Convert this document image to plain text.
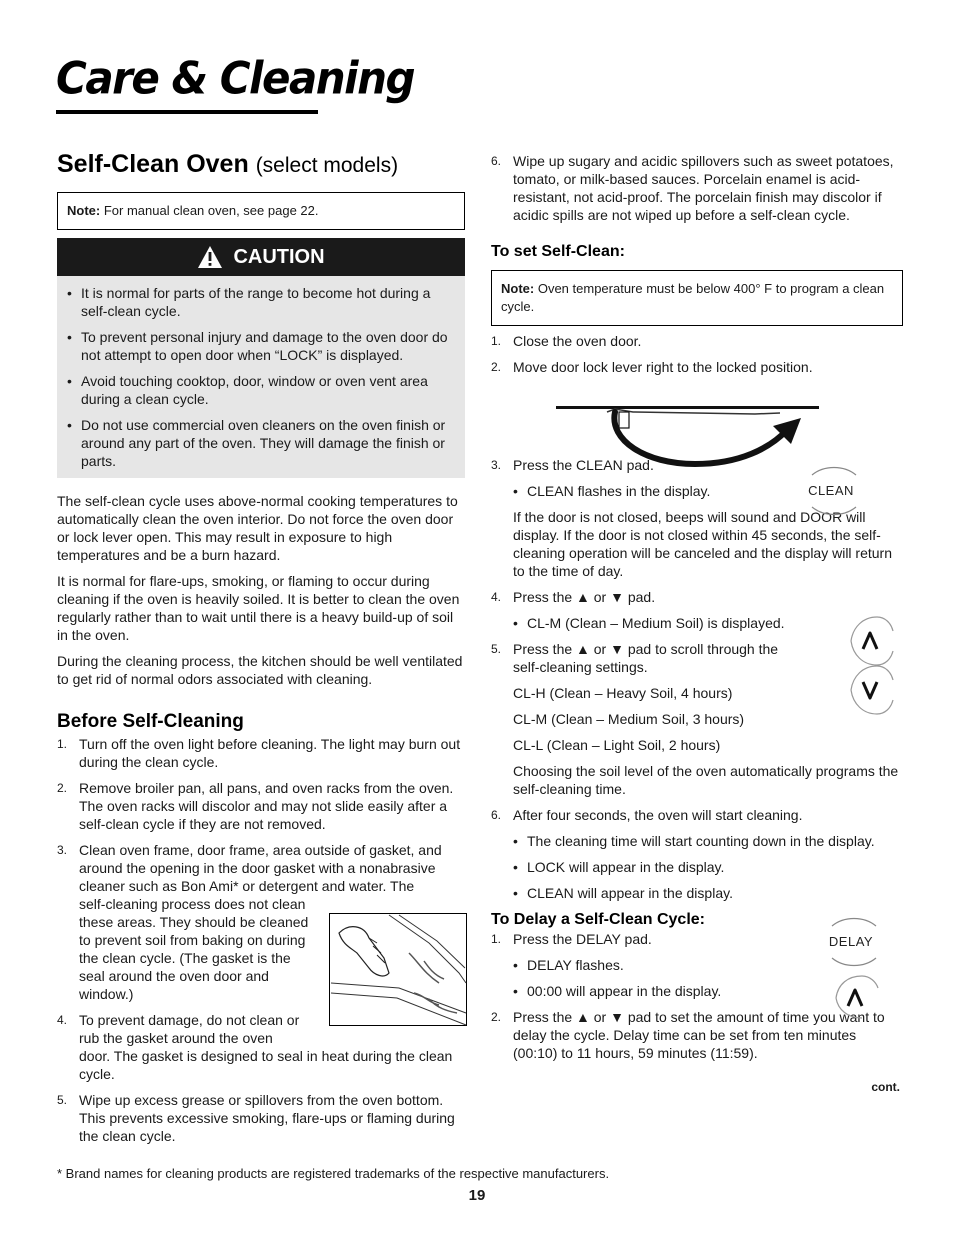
Care & Cleaning
Self-Clean Oven (select models)
Note: For manual clean oven, see page 22.
CAUTION
• It is normal for parts of the range to become hot during a self-clean cycle.
• To prevent personal injury and damage to the oven door do not attempt to open door when “LOCK” is displayed.
• Avoid touching cooktop, door, window or oven vent area during a clean cycle.
• Do not use commercial oven cleaners on the oven finish or around any part of the oven. They will damage the finish or parts.

The self-clean cycle uses above-normal cooking temperatures to automatically clean the oven interior. Do not force the oven door or lock lever open. This may result in exposure to high temperatures and be a burn hazard.

It is normal for flare-ups, smoking, or flaming to occur during cleaning if the oven is heavily soiled. It is better to clean the oven regularly rather than to wait until there is a heavy build-up of soil in the oven.

During the cleaning process, the kitchen should be well ventilated to get rid of normal odors associated with cleaning.

Before Self-Cleaning
1. Turn off the oven light before cleaning. The light may burn out during the clean cycle.
2. Remove broiler pan, all pans, and oven racks from the oven. The oven racks will discolor and may not slide easily after a self-clean cycle if they are not removed.
3. Clean oven frame, door frame, area outside of gasket, and around the opening in the door gasket with a nonabrasive cleaner such as Bon Ami* or detergent and water. The
self-cleaning process does not clean these areas. They should be cleaned to prevent soil from baking on during the clean cycle. (The gasket is the seal around the oven door and window.)
4. To prevent damage, do not clean or rub the gasket around the oven
door. The gasket is designed to seal in heat during the clean cycle.
5. Wipe up excess grease or spillovers from the oven bottom. This prevents excessive smoking, flare-ups or flaming during the clean cycle.
6. Wipe up sugary and acidic spillovers such as sweet potatoes, tomato, or milk-based sauces. Porcelain enamel is acid-resistant, not acid-proof. The porcelain finish may discolor if acidic spills are not wiped up before a self-clean cycle.
To set Self-Clean:
Note: Oven temperature must be below 400° F to program a clean cycle.
1. Close the oven door.
2. Move door lock lever right to the locked position.
3. Press the CLEAN pad.
• CLEAN flashes in the display.
If the door is not closed, beeps will sound and DOOR will display. If the door is not closed within 45 seconds, the self-cleaning operation will be canceled and the display will return to the time of day.
4. Press the ▲ or ▼ pad.
• CL-M (Clean – Medium Soil) is displayed.
5. Press the ▲ or ▼ pad to scroll through the self-cleaning settings.
CL-H (Clean – Heavy Soil, 4 hours)
CL-M (Clean – Medium Soil, 3 hours)
CL-L (Clean – Light Soil, 2 hours)
Choosing the soil level of the oven automatically programs the self-cleaning time.
6. After four seconds, the oven will start cleaning.
• The cleaning time will start counting down in the display.
• LOCK will appear in the display.
• CLEAN will appear in the display.
To Delay a Self-Clean Cycle:
1. Press the DELAY pad.
• DELAY flashes.
• 00:00 will appear in the display.
2. Press the ▲ or ▼ pad to set the amount of time you want to delay the cycle. Delay time can be set from ten minutes (00:10) to 11 hours, 59 minutes (11:59).
CLEAN
DELAY
cont.
* Brand names for cleaning products are registered trademarks of the respective manufacturers.
19
